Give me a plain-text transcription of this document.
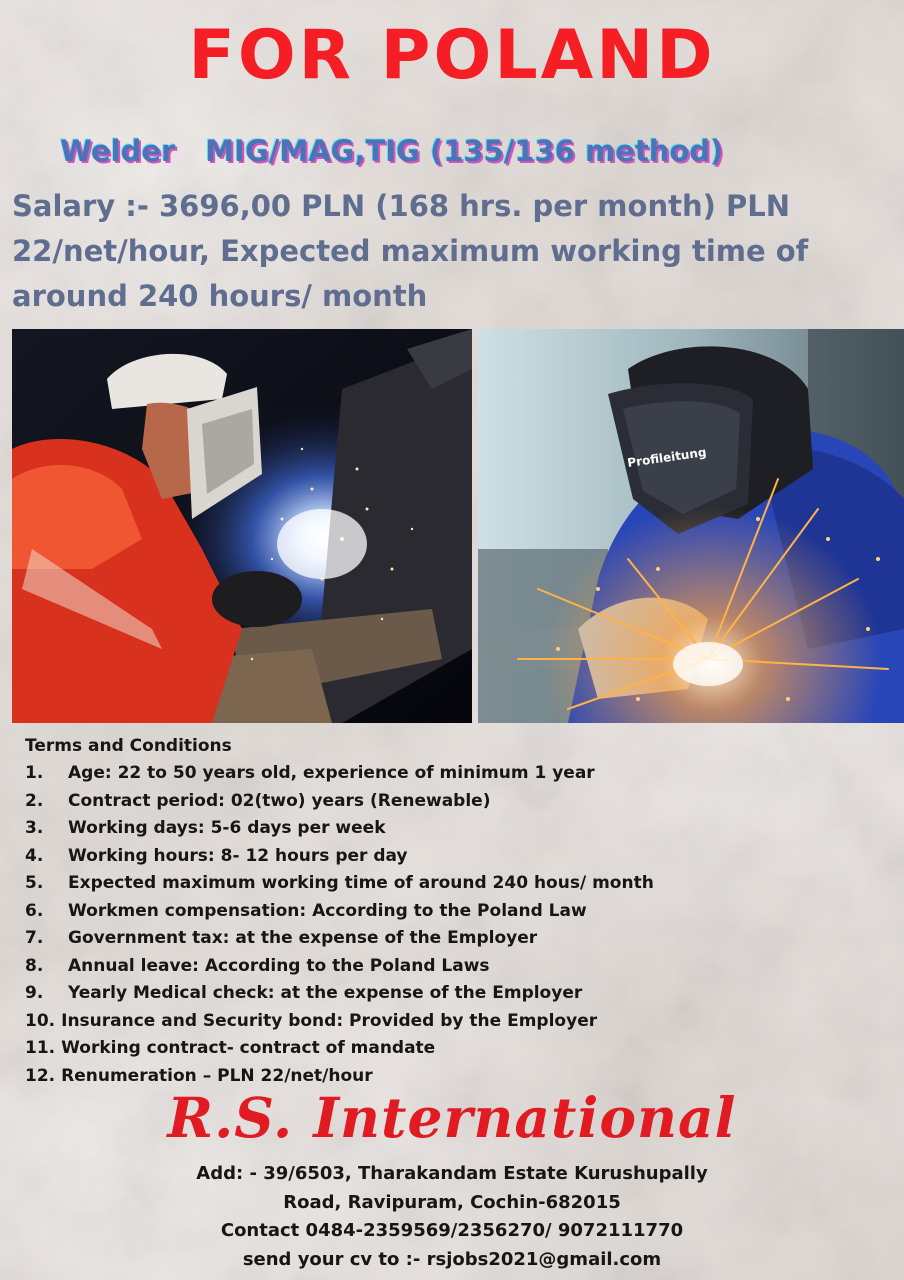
FOR POLAND
Welder MIG/MAG,TIG (135/136 method)
Salary :- 3696,00 PLN (168 hrs. per month) PLN 22/net/hour, Expected maximum working time of around 240 hours/ month
Terms and Conditions
1. Age: 22 to 50 years old, experience of minimum 1 year
2. Contract period: 02(two) years (Renewable)
3. Working days: 5-6 days per week
4. Working hours: 8- 12 hours per day
5. Expected maximum working time of around 240 hous/ month
6. Workmen compensation: According to the Poland Law
7. Government tax: at the expense of the Employer
8. Annual leave: According to the Poland Laws
9. Yearly Medical check: at the expense of the Employer
10. Insurance and Security bond: Provided by the Employer
11. Working contract- contract of mandate
12. Renumeration – PLN 22/net/hour
R.S. International
Add: - 39/6503, Tharakandam Estate Kurushupally
Road, Ravipuram, Cochin-682015
Contact 0484-2359569/2356270/ 9072111770
send your cv to :- rsjobs2021@gmail.com
